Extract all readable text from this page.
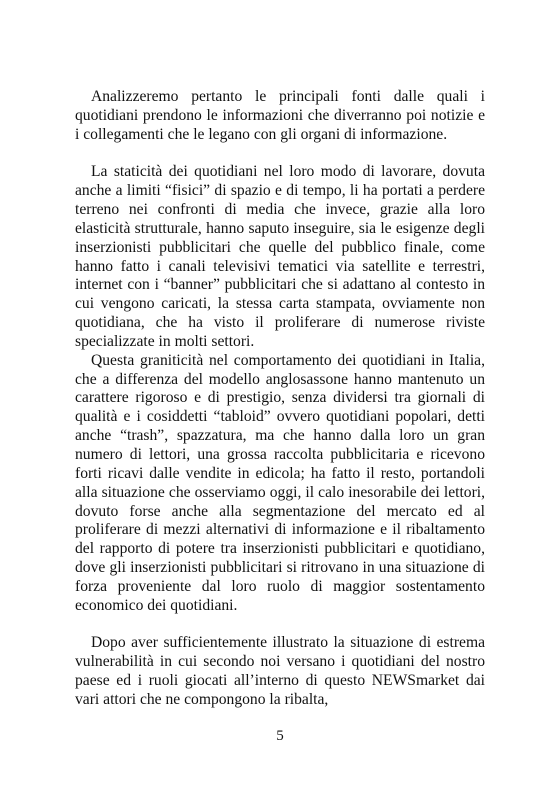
Analizzeremo pertanto le principali fonti dalle quali i quotidiani prendono le informazioni che diverranno poi notizie e i collegamenti che le legano con gli organi di informazione.

La staticità dei quotidiani nel loro modo di lavorare, dovuta anche a limiti “fisici” di spazio e di tempo, li ha portati a perdere terreno nei confronti di media che invece, grazie alla loro elasticità strutturale, hanno saputo inseguire, sia le esigenze degli inserzionisti pubblicitari che quelle del pubblico finale, come hanno fatto i canali televisivi tematici via satellite e terrestri, internet con i “banner” pubblicitari che si adattano al contesto in cui vengono caricati, la stessa carta stampata, ovviamente non quotidiana, che ha visto il proliferare di numerose riviste specializzate in molti settori.

Questa graniticità nel comportamento dei quotidiani in Italia, che a differenza del modello anglosassone hanno mantenuto un carattere rigoroso e di prestigio, senza dividersi tra giornali di qualità e i cosiddetti “tabloid” ovvero quotidiani popolari, detti anche “trash”, spazzatura, ma che hanno dalla loro un gran numero di lettori, una grossa raccolta pubblicitaria e ricevono forti ricavi dalle vendite in edicola; ha fatto il resto, portandoli alla situazione che osserviamo oggi, il calo inesorabile dei lettori, dovuto forse anche alla segmentazione del mercato ed al proliferare di mezzi alternativi di informazione e il ribaltamento del rapporto di potere tra inserzionisti pubblicitari e quotidiano, dove gli inserzionisti pubblicitari si ritrovano in una situazione di forza proveniente dal loro ruolo di maggior sostentamento economico dei quotidiani.

Dopo aver sufficientemente illustrato la situazione di estrema vulnerabilità in cui secondo noi versano i quotidiani del nostro paese ed i ruoli giocati all’interno di questo NEWSmarket dai vari attori che ne compongono la ribalta,

5
